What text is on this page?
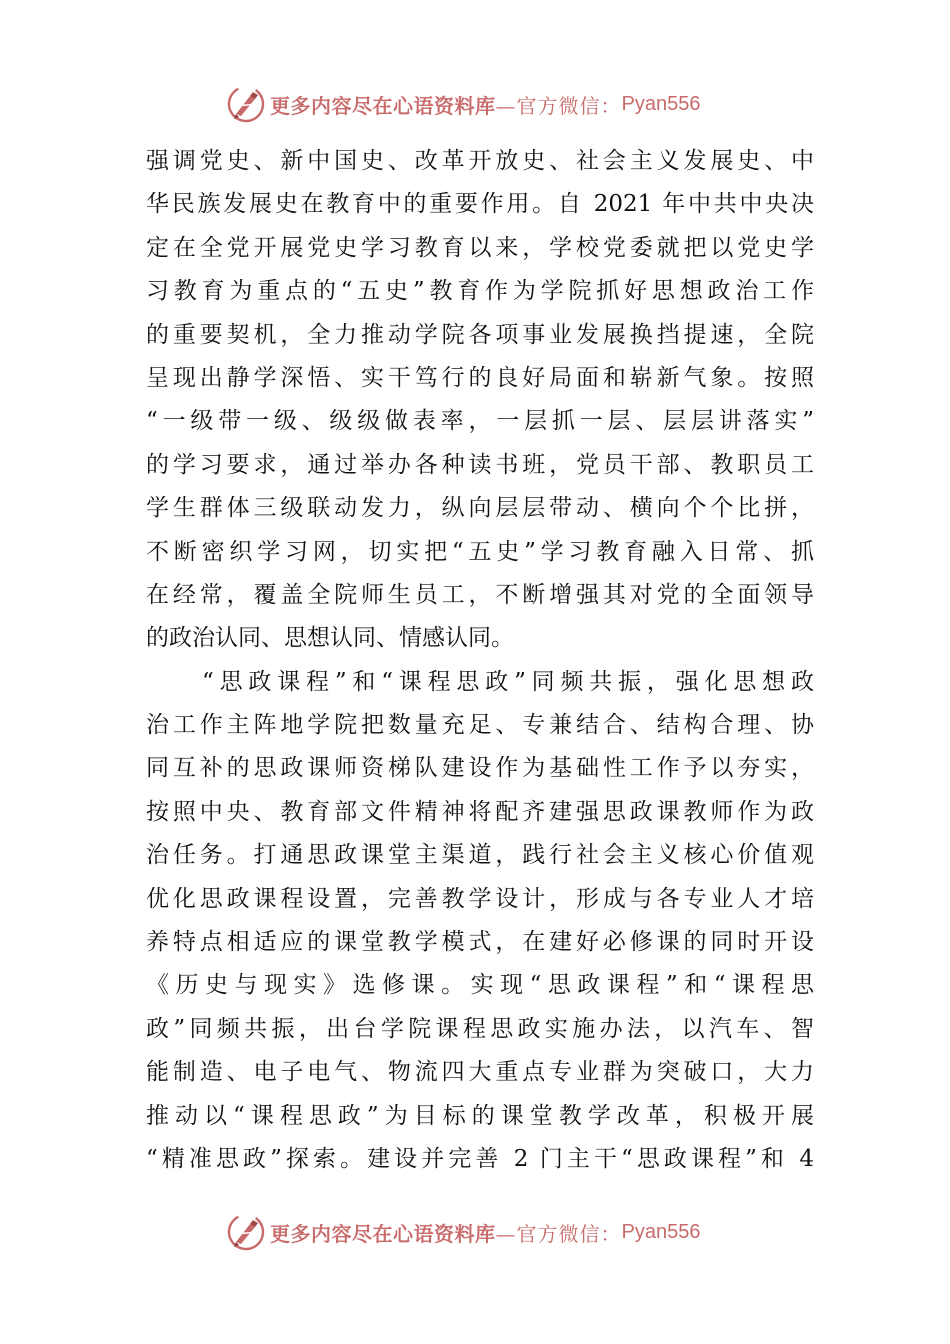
更多内容尽在心语资料库 —官方微信： Pyan556
强调党史、新中国史、改革开放史、社会主义发展史、中
华民族发展史在教育中的重要作用。自 2021 年中共中央决
定在全党开展党史学习教育以来，学校党委就把以党史学
习教育为重点的“五史”教育作为学院抓好思想政治工作
的重要契机，全力推动学院各项事业发展换挡提速，全院
呈现出静学深悟、实干笃行的良好局面和崭新气象。按照
“一级带一级、级级做表率，一层抓一层、层层讲落实”
的学习要求，通过举办各种读书班，党员干部、教职员工
学生群体三级联动发力，纵向层层带动、横向个个比拼，
不断密织学习网，切实把“五史”学习教育融入日常、抓
在经常，覆盖全院师生员工，不断增强其对党的全面领导
的政治认同、思想认同、情感认同。
“思政课程”和“课程思政”同频共振，强化思想政
治工作主阵地学院把数量充足、专兼结合、结构合理、协
同互补的思政课师资梯队建设作为基础性工作予以夯实，
按照中央、教育部文件精神将配齐建强思政课教师作为政
治任务。打通思政课堂主渠道，践行社会主义核心价值观
优化思政课程设置，完善教学设计，形成与各专业人才培
养特点相适应的课堂教学模式，在建好必修课的同时开设
《历史与现实》选修课。实现“思政课程”和“课程思
政”同频共振，出台学院课程思政实施办法，以汽车、智
能制造、电子电气、物流四大重点专业群为突破口，大力
推动以“课程思政”为目标的课堂教学改革，积极开展
“精准思政”探索。建设并完善 2 门主干“思政课程”和 4
更多内容尽在心语资料库 —官方微信： Pyan556
